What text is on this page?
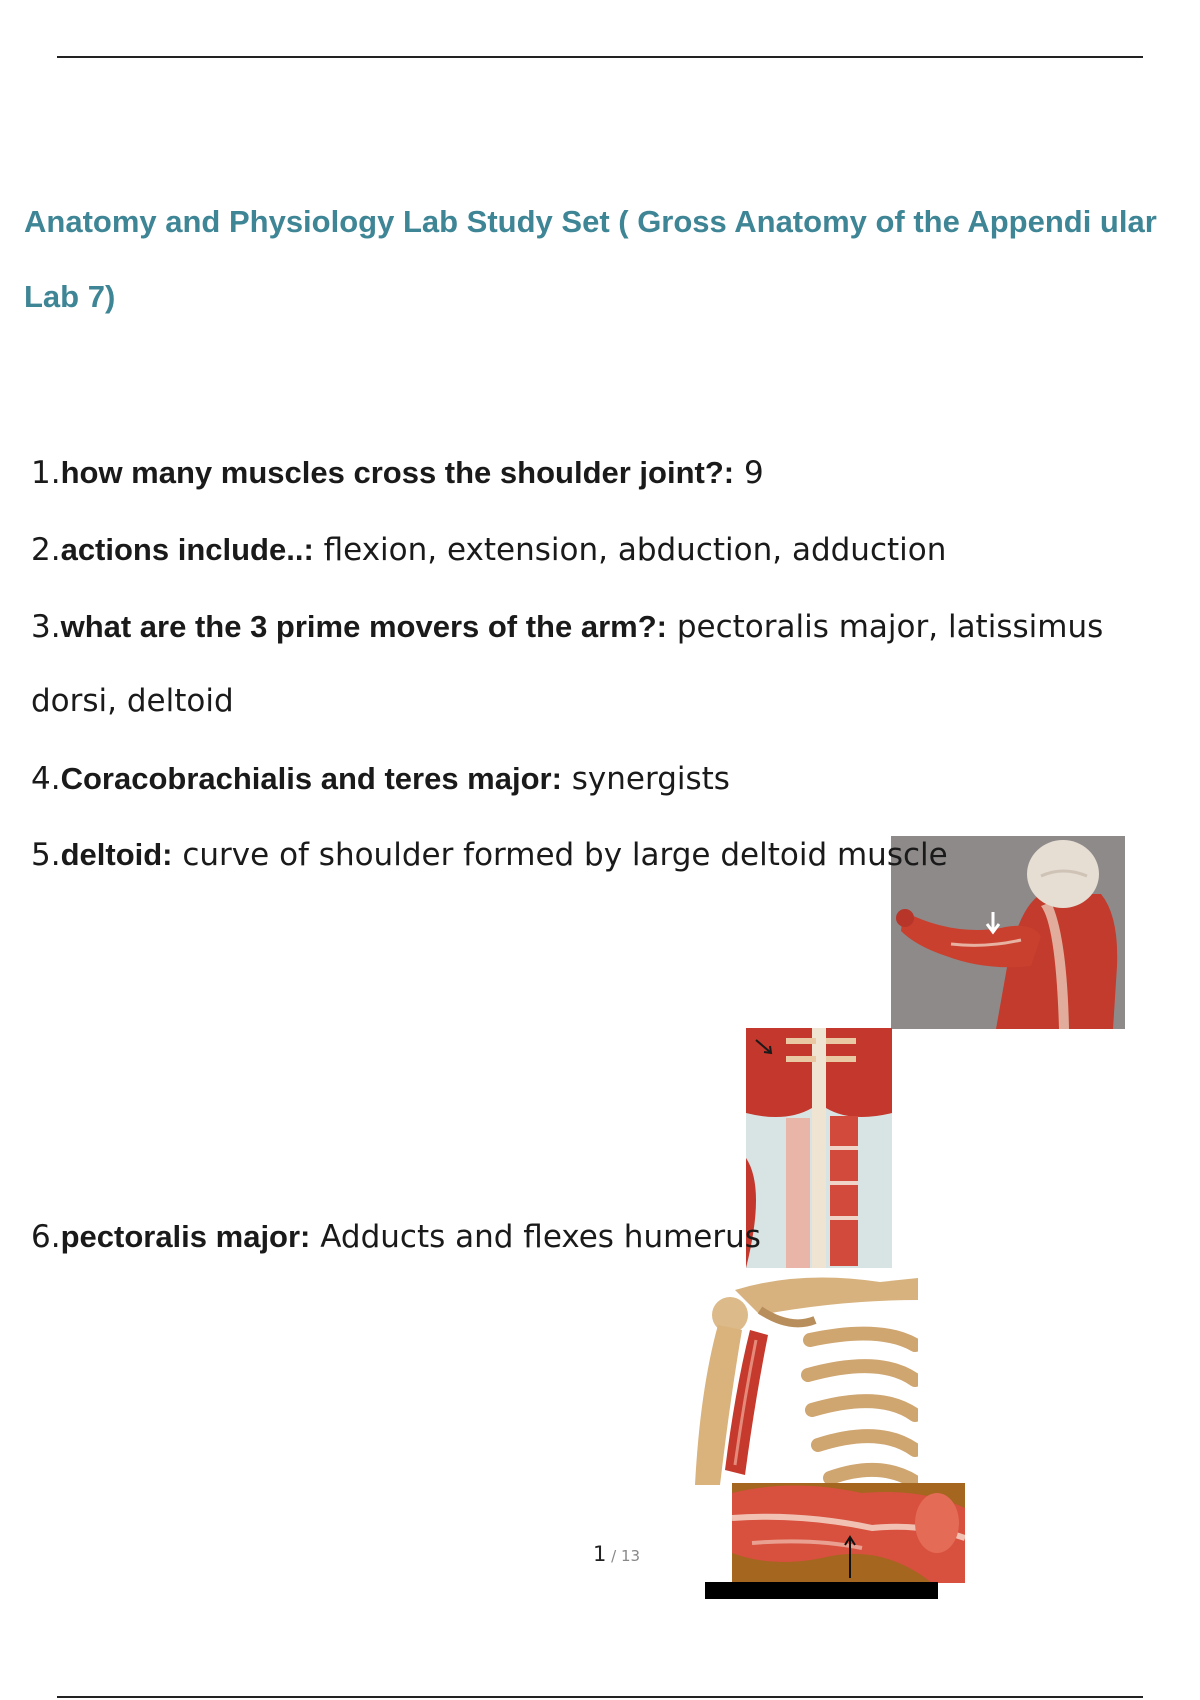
Anatomy and Physiology Lab Study Set ( Gross Anatomy of the Appendi ular
Lab 7)
1.how many muscles cross the shoulder joint?: 9
2.actions include..: flexion, extension, abduction, adduction
3.what are the 3 prime movers of the arm?: pectoralis major, latissimus
dorsi, deltoid
4.Coracobrachialis and teres major: synergists
5.deltoid: curve of shoulder formed by large deltoid muscle
6.pectoralis major: Adducts and flexes humerus
1 / 13
